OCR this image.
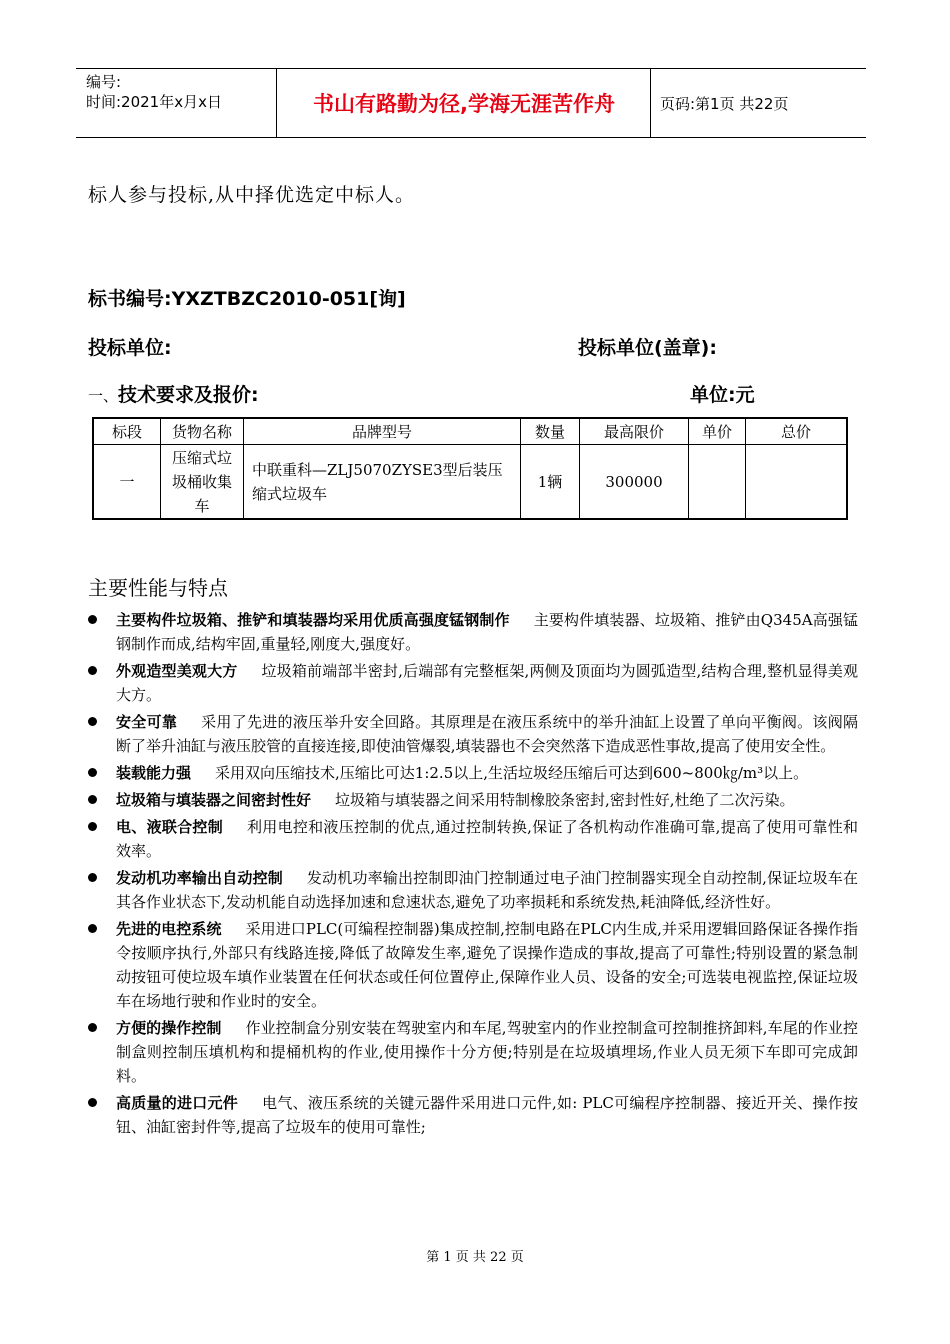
编号:
时间:2021年x月x日	书山有路勤为径,学海无涯苦作舟	页码:第1页 共22页
标人参与投标,从中择优选定中标人。
标书编号:YXZTBZC2010-051[询]
投标单位:	投标单位(盖章):
一、技术要求及报价:	单位:元
标段	货物名称	品牌型号	数量	最高限价	单价	总价
一	压缩式垃圾桶收集车	中联重科—ZLJ5070ZYSE3型后装压缩式垃圾车	1辆	300000		
主要性能与特点
主要构件垃圾箱、推铲和填装器均采用优质高强度锰钢制作 主要构件填装器、垃圾箱、推铲由Q345A高强锰钢制作而成,结构牢固,重量轻,刚度大,强度好。
外观造型美观大方 垃圾箱前端部半密封,后端部有完整框架,两侧及顶面均为圆弧造型,结构合理,整机显得美观大方。
安全可靠 采用了先进的液压举升安全回路。其原理是在液压系统中的举升油缸上设置了单向平衡阀。该阀隔断了举升油缸与液压胶管的直接连接,即使油管爆裂,填装器也不会突然落下造成恶性事故,提高了使用安全性。
装载能力强 采用双向压缩技术,压缩比可达1:2.5以上,生活垃圾经压缩后可达到600~800㎏/m³以上。
垃圾箱与填装器之间密封性好 垃圾箱与填装器之间采用特制橡胶条密封,密封性好,杜绝了二次污染。
电、液联合控制 利用电控和液压控制的优点,通过控制转换,保证了各机构动作准确可靠,提高了使用可靠性和效率。
发动机功率输出自动控制 发动机功率输出控制即油门控制通过电子油门控制器实现全自动控制,保证垃圾车在其各作业状态下,发动机能自动选择加速和怠速状态,避免了功率损耗和系统发热,耗油降低,经济性好。
先进的电控系统 采用进口PLC(可编程控制器)集成控制,控制电路在PLC内生成,并采用逻辑回路保证各操作指令按顺序执行,外部只有线路连接,降低了故障发生率,避免了误操作造成的事故,提高了可靠性;特别设置的紧急制动按钮可使垃圾车填作业装置在任何状态或任何位置停止,保障作业人员、设备的安全;可选装电视监控,保证垃圾车在场地行驶和作业时的安全。
方便的操作控制 作业控制盒分别安装在驾驶室内和车尾,驾驶室内的作业控制盒可控制推挤卸料,车尾的作业控制盒则控制压填机构和提桶机构的作业,使用操作十分方便;特别是在垃圾填埋场,作业人员无须下车即可完成卸料。
高质量的进口元件 电气、液压系统的关键元器件采用进口元件,如: PLC可编程序控制器、接近开关、操作按钮、油缸密封件等,提高了垃圾车的使用可靠性;
第 1 页 共 22 页
